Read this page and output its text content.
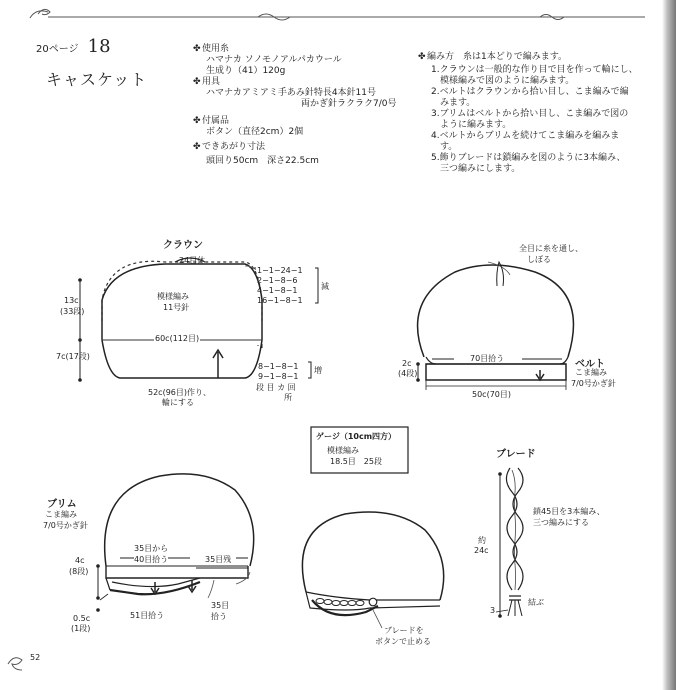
20ページ 18
キャスケット
✤使用糸
ハマナカ ソノモノアルパカウール
生成り（41）120g
✤用具
ハマナカアミアミ手あみ針特長4本針11号
両かぎ針ラクラク7/0号
✤付属品
ボタン（直径2cm）2個
✤できあがり寸法
頭回り50cm　深さ22.5cm
✤編み方　糸は1本どりで編みます。
1.クラウンは一般的な作り目で目を作って輪にし、
　模様編みで図のように編みます。
2.ベルトはクラウンから拾い目し、こま編みで編
　みます。
3.ブリムはベルトから拾い目し、こま編みで図の
　ように編みます。
4.ベルトからブリムを続けてこま編みを編みま
　す。
5.飾りブレードは鎖編みを図のように3本編み、
　三つ編みにします。
クラウン
24目休
13c
(33段)
7c(17段)
模様編み
11号針
60c(112目)
52c(96目)作り、
輪にする
1−1−24−1
2−1−8−6
4−1−8−1
16−1−8−1
減
8−1−8−1
9−1−8−1
増
段 目 カ 回
所
全目に糸を通し、
しぼる
2c
(4段)
70目拾う
ベルト
こま編み
7/0号かぎ針
50c(70目)
ゲージ（10cm四方）
模様編み
18.5目　25段
ブレード
鎖45目を3本編み、
三つ編みにする
約
24c
結ぶ
3
ブリム
こま編み
7/0号かぎ針
4c
(8段)
0.5c
(1段)
35目から
40目拾う	35目残
51目拾う
35目
拾う
ブレードを
ボタンで止める
52
